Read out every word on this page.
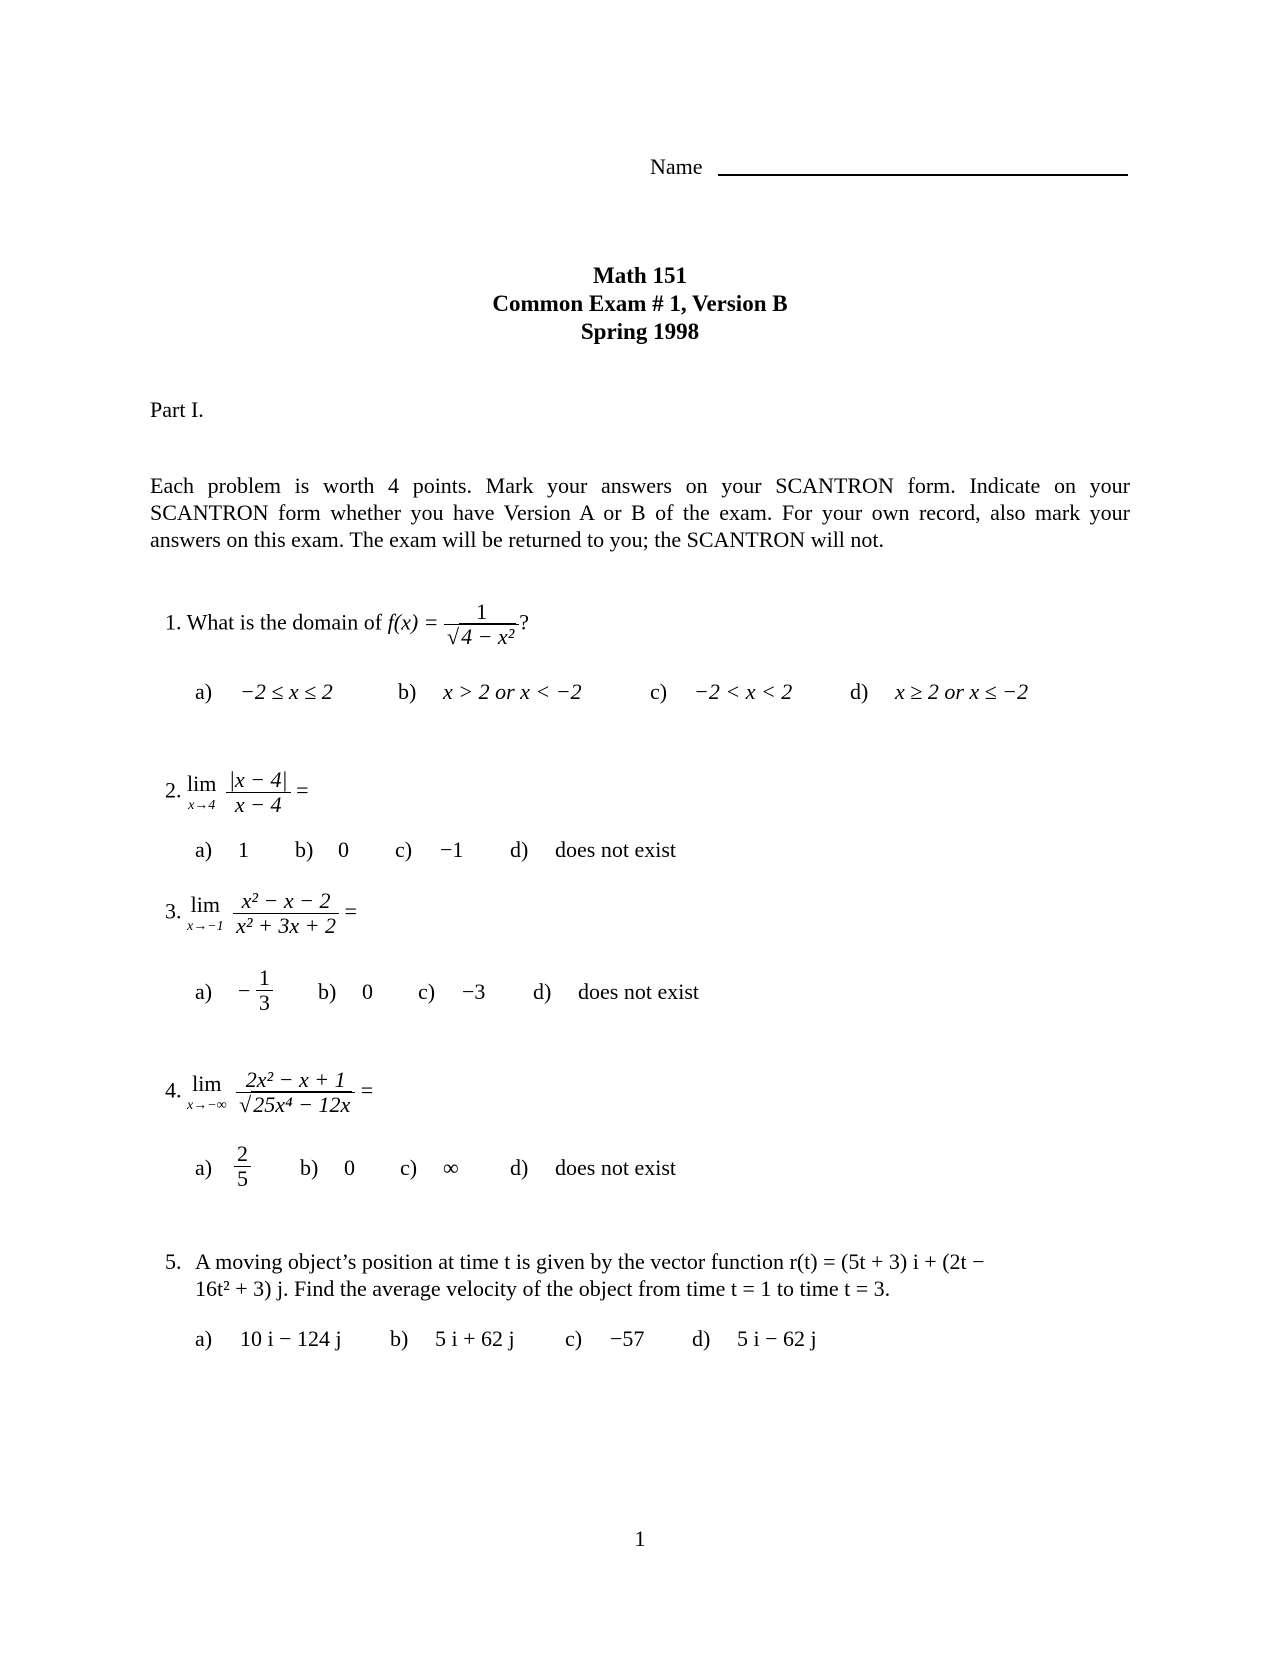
Name
Math 151
Common Exam # 1, Version B
Spring 1998
Part I.
Each problem is worth 4 points. Mark your answers on your SCANTRON form. Indicate on your SCANTRON form whether you have Version A or B of the exam. For your own record, also mark your answers on this exam. The exam will be returned to you; the SCANTRON will not.
1. What is the domain of $f(x) = \frac{1}{\text{√4 − x²}}$ ?
a) −2 ≤ x ≤ 2	b) x > 2 or x < −2	c) −2 < x < 2	d) x ≥ 2 or x ≤ −2
2. lim
x→4
$\frac{|x - 4|}{x - 4}$ =
a) 1 b) 0 c) −1 d) does not exist
3. lim
x→−1
$\frac{\text{x² − x − 2}}{\text{x² + 3x + 2}}$ =
$a) - \frac{1}{3} b$) 0 c) −3 d) does not exist
4. lim
x→−∞
$\frac{\text{2x² − x + 1}}{\text{√25x⁴ − 12x}}$ =
$a) \frac{2}{5} b$) 0 c) ∞ d) does not exist
5. A moving object’s position at time t is given by the vector function r(t) = (5t + 3) i + (2t −
16t² + 3) j. Find the average velocity of the object from time t = 1 to time t = 3.
a) 10 i − 124 j b) 5 i + 62 j c) −57 d) 5 i − 62 j
1
